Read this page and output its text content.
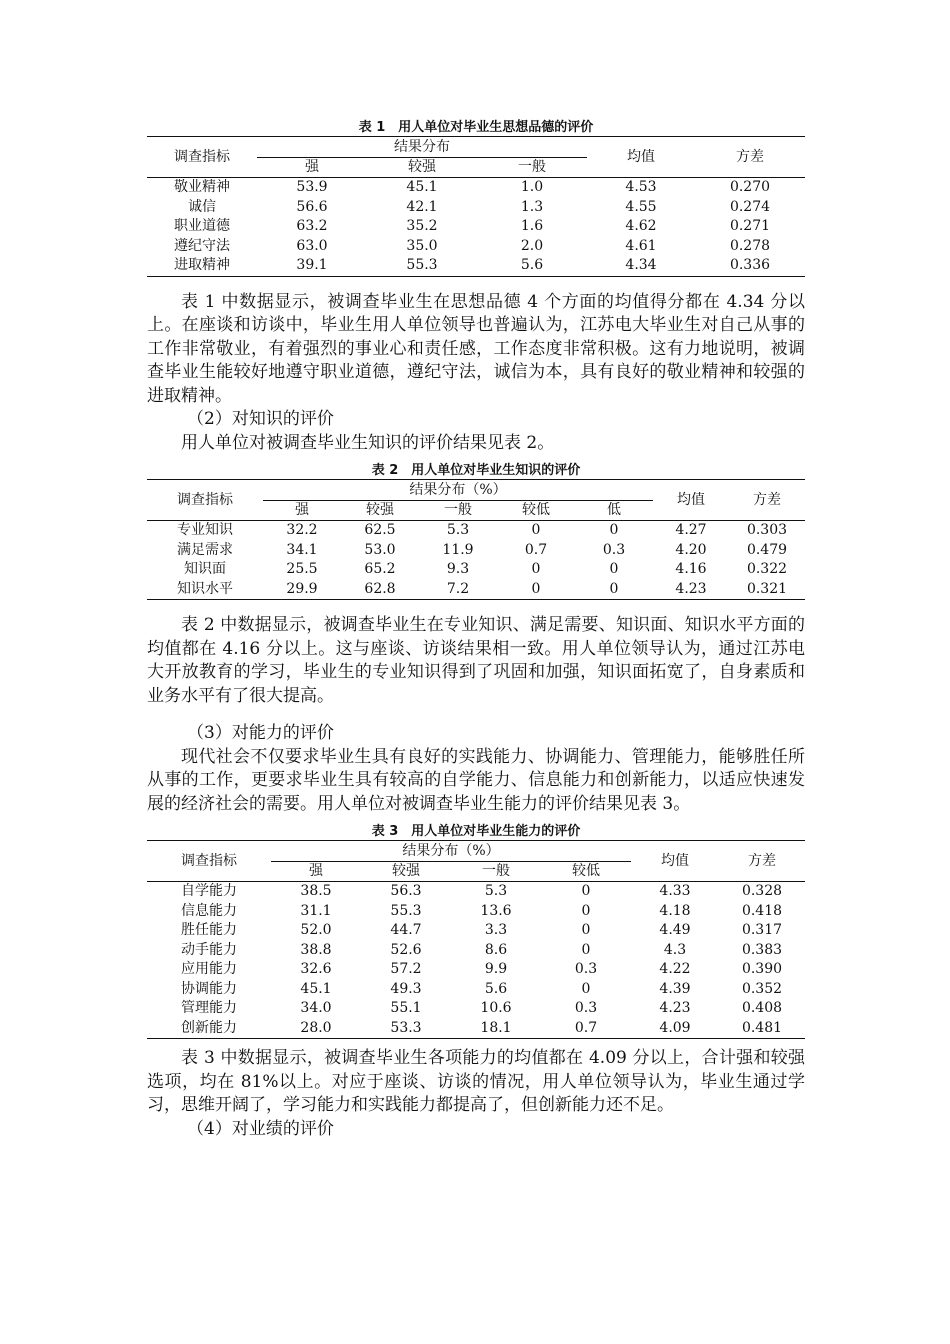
表 1　用人单位对毕业生思想品德的评价

调查指标	结果分布			均值	方差
	强	较强	一般		
敬业精神	53.9	45.1	1.0	4.53	0.270
诚信	56.6	42.1	1.3	4.55	0.274
职业道德	63.2	35.2	1.6	4.62	0.271
遵纪守法	63.0	35.0	2.0	4.61	0.278
进取精神	39.1	55.3	5.6	4.34	0.336

表 1 中数据显示，被调查毕业生在思想品德 4 个方面的均值得分都在 4.34 分以上。在座谈和访谈中，毕业生用人单位领导也普遍认为，江苏电大毕业生对自己从事的工作非常敬业，有着强烈的事业心和责任感，工作态度非常积极。这有力地说明，被调查毕业生能较好地遵守职业道德，遵纪守法，诚信为本，具有良好的敬业精神和较强的进取精神。

（2）对知识的评价

用人单位对被调查毕业生知识的评价结果见表 2。

表 2　用人单位对毕业生知识的评价

调查指标	结果分布（%）					均值	方差
	强	较强	一般	较低	低		
专业知识	32.2	62.5	5.3	0	0	4.27	0.303
满足需求	34.1	53.0	11.9	0.7	0.3	4.20	0.479
知识面	25.5	65.2	9.3	0	0	4.16	0.322
知识水平	29.9	62.8	7.2	0	0	4.23	0.321

表 2 中数据显示，被调查毕业生在专业知识、满足需要、知识面、知识水平方面的均值都在 4.16 分以上。这与座谈、访谈结果相一致。用人单位领导认为，通过江苏电大开放教育的学习，毕业生的专业知识得到了巩固和加强，知识面拓宽了，自身素质和业务水平有了很大提高。

（3）对能力的评价

现代社会不仅要求毕业生具有良好的实践能力、协调能力、管理能力，能够胜任所从事的工作，更要求毕业生具有较高的自学能力、信息能力和创新能力，以适应快速发展的经济社会的需要。用人单位对被调查毕业生能力的评价结果见表 3。

表 3　用人单位对毕业生能力的评价

调查指标	结果分布（%）				均值	方差
	强	较强	一般	较低		
自学能力	38.5	56.3	5.3	0	4.33	0.328
信息能力	31.1	55.3	13.6	0	4.18	0.418
胜任能力	52.0	44.7	3.3	0	4.49	0.317
动手能力	38.8	52.6	8.6	0	4.3	0.383
应用能力	32.6	57.2	9.9	0.3	4.22	0.390
协调能力	45.1	49.3	5.6	0	4.39	0.352
管理能力	34.0	55.1	10.6	0.3	4.23	0.408
创新能力	28.0	53.3	18.1	0.7	4.09	0.481

表 3 中数据显示，被调查毕业生各项能力的均值都在 4.09 分以上，合计强和较强选项，均在 81%以上。对应于座谈、访谈的情况，用人单位领导认为，毕业生通过学习，思维开阔了，学习能力和实践能力都提高了，但创新能力还不足。

（4）对业绩的评价
